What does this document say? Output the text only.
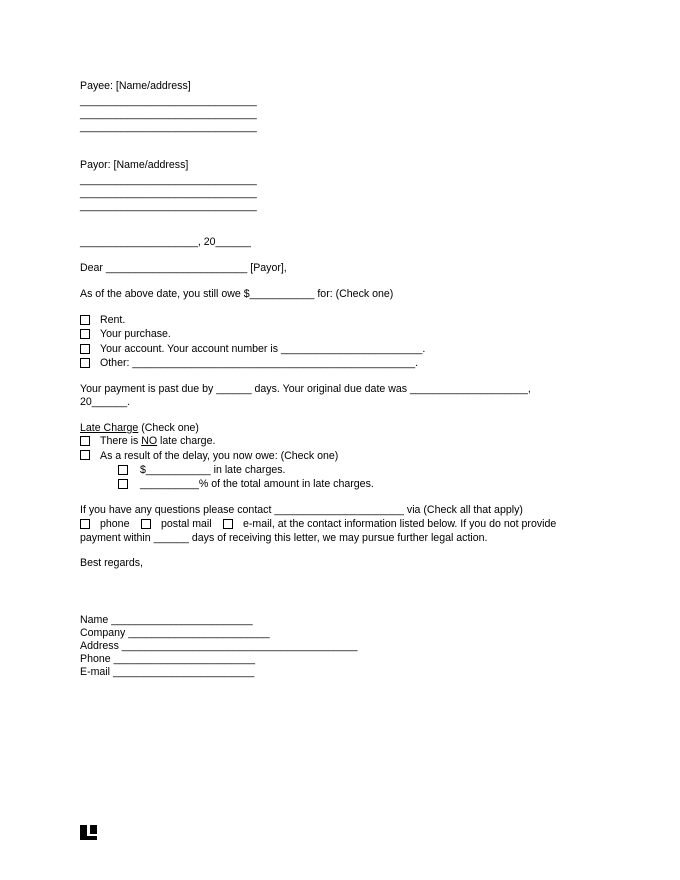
Payee: [Name/address]
______________________________
______________________________
______________________________
Payor: [Name/address]
______________________________
______________________________
______________________________
____________________, 20______
Dear ________________________ [Payor],
As of the above date, you still owe $___________ for: (Check one)
Rent.
Your purchase.
Your account. Your account number is ________________________.
Other: ________________________________________________.
Your payment is past due by ______ days. Your original due date was ____________________,
20______.
Late Charge (Check one)
There is NO late charge.
As a result of the delay, you now owe: (Check one)
$___________ in late charges.
__________% of the total amount in late charges.
If you have any questions please contact ______________________ via (Check all that apply)
phone	postal mail	e-mail, at the contact information listed below. If you do not provide
payment within ______ days of receiving this letter, we may pursue further legal action.
Best regards,
Name ________________________
Company ________________________
Address ________________________________________
Phone ________________________
E-mail ________________________
